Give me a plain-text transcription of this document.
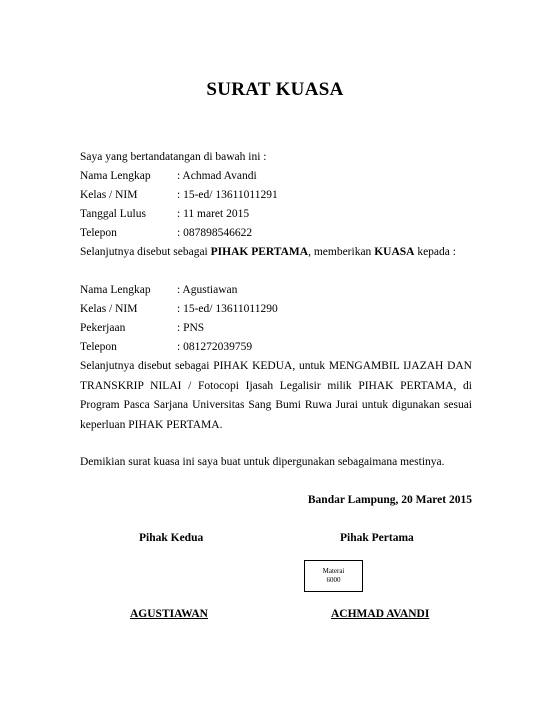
SURAT KUASA
Saya yang bertandatangan di bawah ini :
Nama Lengkap : Achmad Avandi
Kelas / NIM	: 15-ed/ 13611011291
Tanggal Lulus	: 11 maret 2015
Telepon	: 087898546622
Selanjutnya disebut sebagai PIHAK PERTAMA, memberikan KUASA kepada :
Nama Lengkap : Agustiawan
Kelas / NIM	: 15-ed/ 13611011290
Pekerjaan	: PNS
Telepon	: 081272039759
Selanjutnya disebut sebagai PIHAK KEDUA, untuk MENGAMBIL IJAZAH DAN TRANSKRIP NILAI / Fotocopi Ijasah Legalisir milik PIHAK PERTAMA, di Program Pasca Sarjana Universitas Sang Bumi Ruwa Jurai untuk digunakan sesuai keperluan PIHAK PERTAMA.
Demikian surat kuasa ini saya buat untuk dipergunakan sebagaimana mestinya.
Bandar Lampung, 20 Maret 2015
Pihak Kedua	Pihak Pertama
Materai
6000
AGUSTIAWAN	ACHMAD AVANDI
